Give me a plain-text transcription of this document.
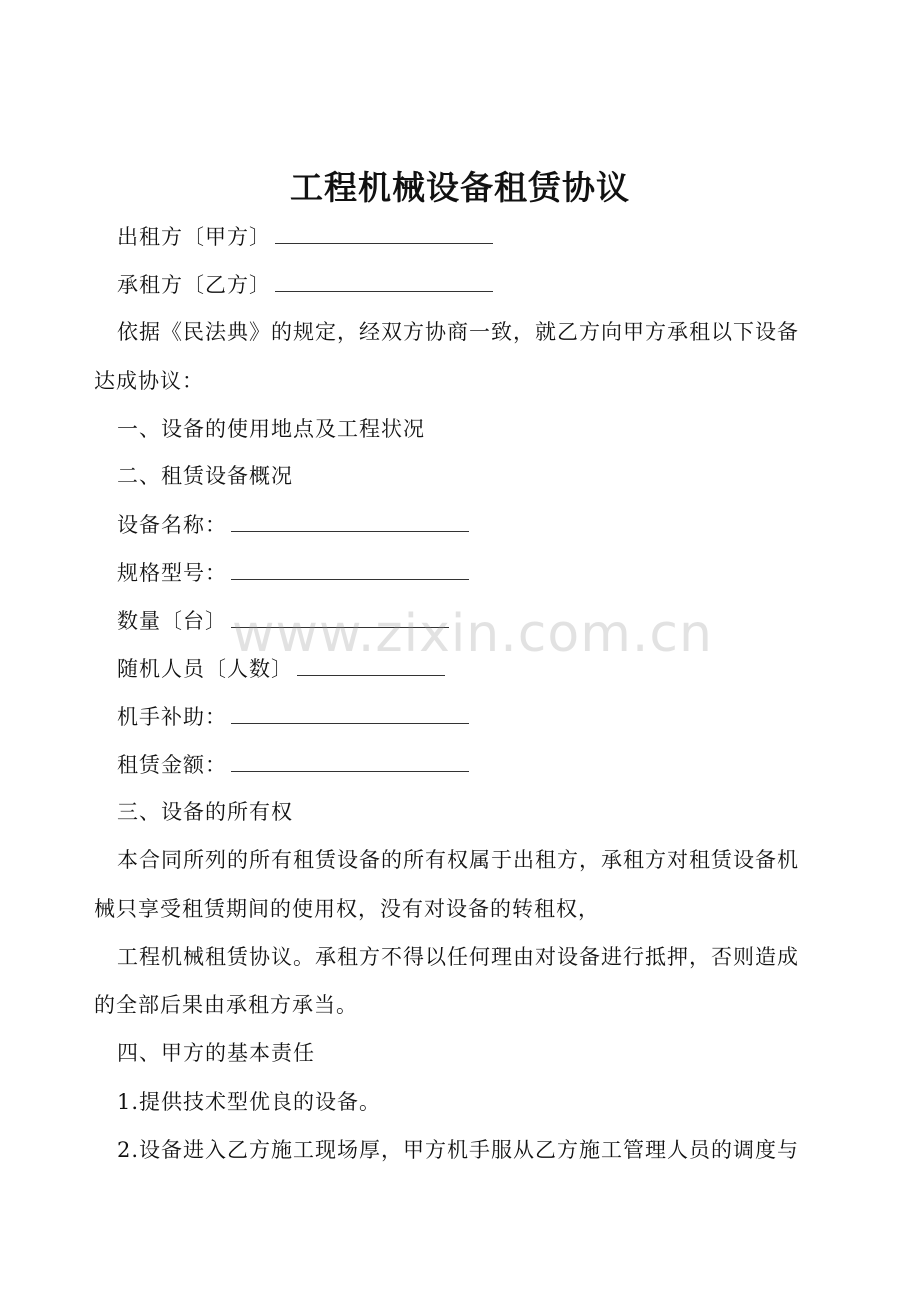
工程机械设备租赁协议
出租方〔甲方〕
承租方〔乙方〕
依据《民法典》的规定，经双方协商一致，就乙方向甲方承租以下设备
达成协议：
一、设备的使用地点及工程状况
二、租赁设备概况
设备名称：
规格型号：
数量〔台〕
随机人员〔人数〕
机手补助：
租赁金额：
三、设备的所有权
本合同所列的所有租赁设备的所有权属于出租方，承租方对租赁设备机
械只享受租赁期间的使用权，没有对设备的转租权，
工程机械租赁协议。承租方不得以任何理由对设备进行抵押，否则造成
的全部后果由承租方承当。
四、甲方的基本责任
1.提供技术型优良的设备。
2.设备进入乙方施工现场厚，甲方机手服从乙方施工管理人员的调度与
www.zixin.com.cn
